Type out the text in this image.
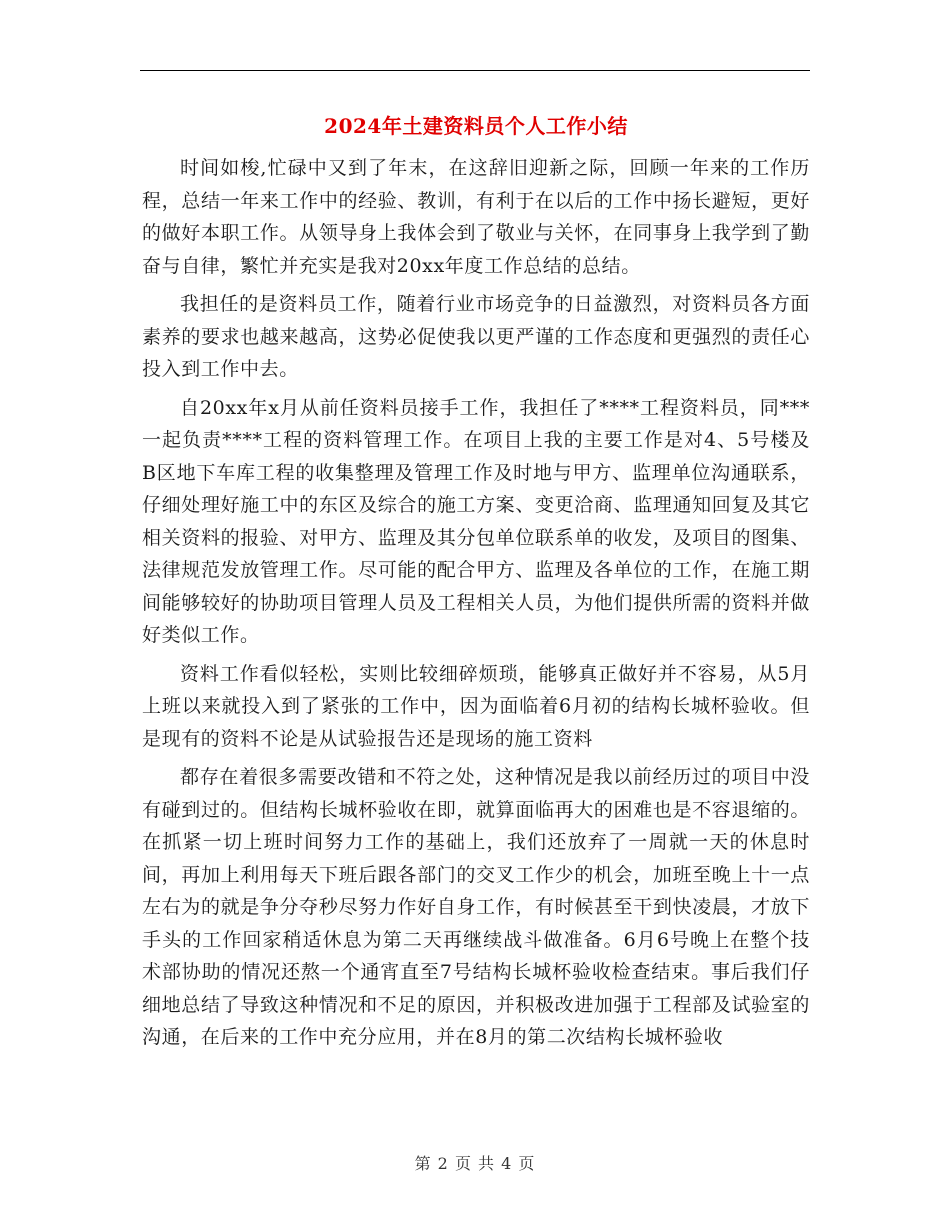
2024年土建资料员个人工作小结

时间如梭,忙碌中又到了年末，在这辞旧迎新之际，回顾一年来的工作历程，总结一年来工作中的经验、教训，有利于在以后的工作中扬长避短，更好的做好本职工作。从领导身上我体会到了敬业与关怀，在同事身上我学到了勤奋与自律，繁忙并充实是我对20xx年度工作总结的总结。

我担任的是资料员工作，随着行业市场竞争的日益激烈，对资料员各方面素养的要求也越来越高，这势必促使我以更严谨的工作态度和更强烈的责任心投入到工作中去。

自20xx年x月从前任资料员接手工作，我担任了****工程资料员，同***一起负责****工程的资料管理工作。在项目上我的主要工作是对4、5号楼及B区地下车库工程的收集整理及管理工作及时地与甲方、监理单位沟通联系，仔细处理好施工中的东区及综合的施工方案、变更洽商、监理通知回复及其它相关资料的报验、对甲方、监理及其分包单位联系单的收发，及项目的图集、法律规范发放管理工作。尽可能的配合甲方、监理及各单位的工作，在施工期间能够较好的协助项目管理人员及工程相关人员，为他们提供所需的资料并做好类似工作。

资料工作看似轻松，实则比较细碎烦琐，能够真正做好并不容易，从5月上班以来就投入到了紧张的工作中，因为面临着6月初的结构长城杯验收。但是现有的资料不论是从试验报告还是现场的施工资料

都存在着很多需要改错和不符之处，这种情况是我以前经历过的项目中没有碰到过的。但结构长城杯验收在即，就算面临再大的困难也是不容退缩的。在抓紧一切上班时间努力工作的基础上，我们还放弃了一周就一天的休息时间，再加上利用每天下班后跟各部门的交叉工作少的机会，加班至晚上十一点左右为的就是争分夺秒尽努力作好自身工作，有时候甚至干到快凌晨，才放下手头的工作回家稍适休息为第二天再继续战斗做准备。6月6号晚上在整个技术部协助的情况还熬一个通宵直至7号结构长城杯验收检查结束。事后我们仔细地总结了导致这种情况和不足的原因，并积极改进加强于工程部及试验室的沟通，在后来的工作中充分应用，并在8月的第二次结构长城杯验收

第 2 页 共 4 页
